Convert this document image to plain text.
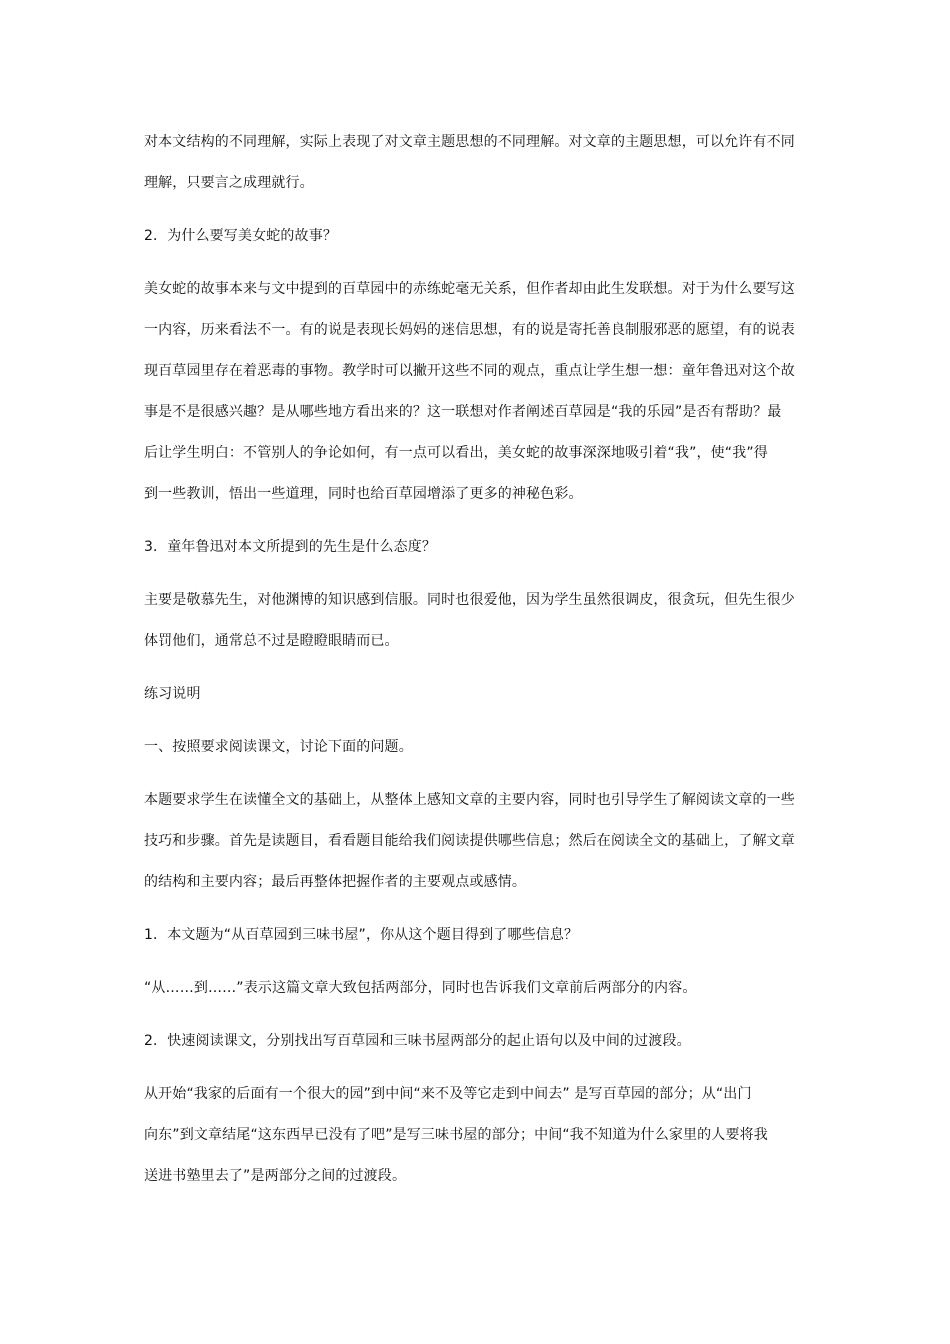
对本文结构的不同理解，实际上表现了对文章主题思想的不同理解。对文章的主题思想，可以允许有不同
理解，只要言之成理就行。
2．为什么要写美女蛇的故事？
美女蛇的故事本来与文中提到的百草园中的赤练蛇毫无关系，但作者却由此生发联想。对于为什么要写这
一内容，历来看法不一。有的说是表现长妈妈的迷信思想，有的说是寄托善良制服邪恶的愿望，有的说表
现百草园里存在着恶毒的事物。教学时可以撇开这些不同的观点，重点让学生想一想：童年鲁迅对这个故
事是不是很感兴趣？是从哪些地方看出来的？这一联想对作者阐述百草园是“我的乐园”是否有帮助？最
后让学生明白：不管别人的争论如何，有一点可以看出，美女蛇的故事深深地吸引着“我”，使“我”得
到一些教训，悟出一些道理，同时也给百草园增添了更多的神秘色彩。
3．童年鲁迅对本文所提到的先生是什么态度？
主要是敬慕先生，对他渊博的知识感到信服。同时也很爱他，因为学生虽然很调皮，很贪玩，但先生很少
体罚他们，通常总不过是瞪瞪眼睛而已。
练习说明
一、按照要求阅读课文，讨论下面的问题。
本题要求学生在读懂全文的基础上，从整体上感知文章的主要内容，同时也引导学生了解阅读文章的一些
技巧和步骤。首先是读题目，看看题目能给我们阅读提供哪些信息；然后在阅读全文的基础上，了解文章
的结构和主要内容；最后再整体把握作者的主要观点或感情。
1．本文题为“从百草园到三味书屋”，你从这个题目得到了哪些信息？
“从……到……”表示这篇文章大致包括两部分，同时也告诉我们文章前后两部分的内容。
2．快速阅读课文，分别找出写百草园和三味书屋两部分的起止语句以及中间的过渡段。
从开始“我家的后面有一个很大的园”到中间“来不及等它走到中间去” 是写百草园的部分；从“出门
向东”到文章结尾“这东西早已没有了吧”是写三味书屋的部分；中间“我不知道为什么家里的人要将我
送进书塾里去了”是两部分之间的过渡段。
